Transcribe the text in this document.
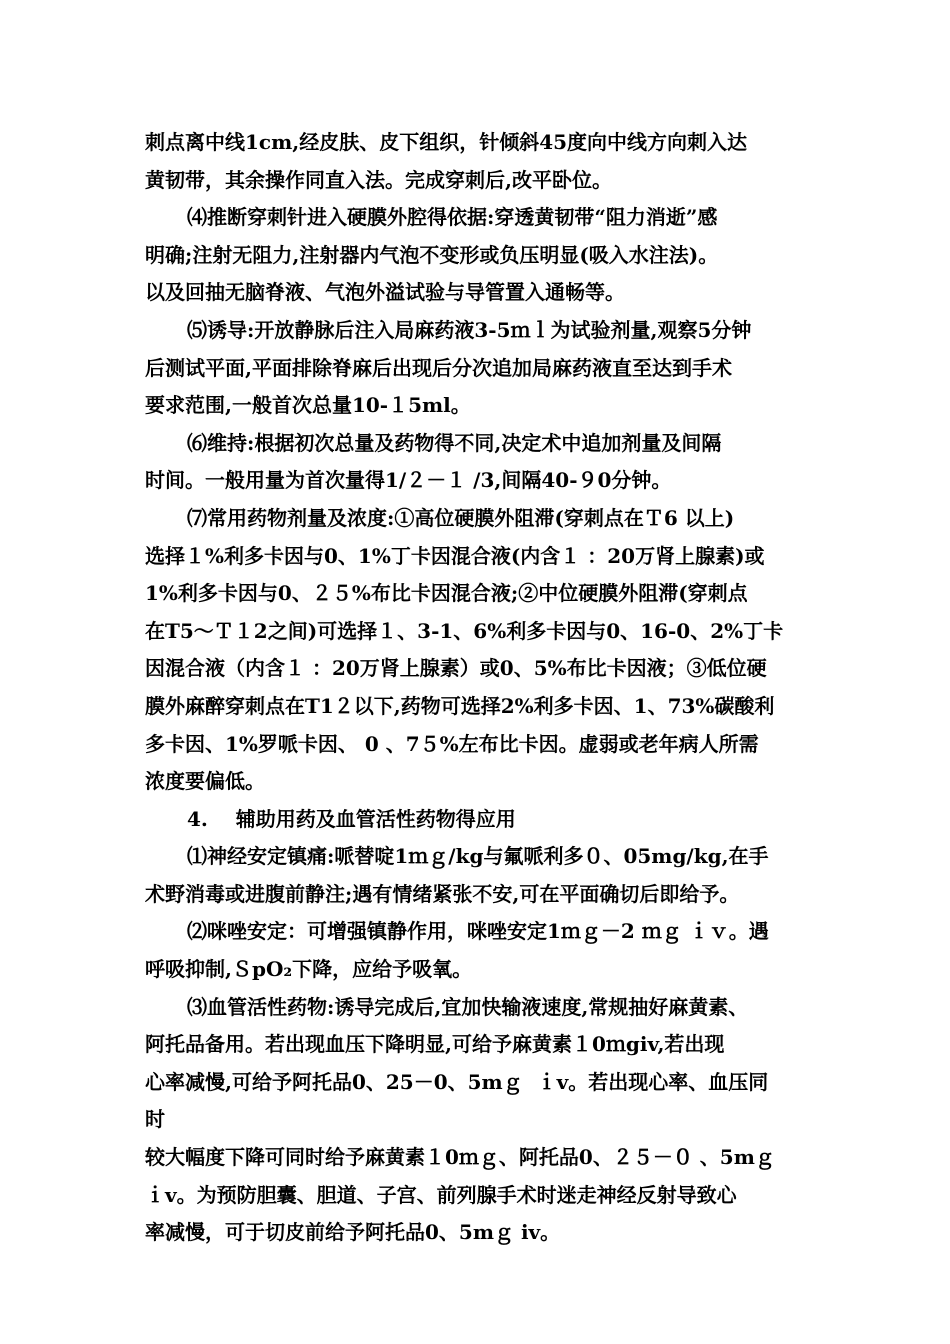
刺点离中线1cm,经皮肤、皮下组织，针倾斜45度向中线方向刺入达
黄韧带，其余操作同直入法。完成穿刺后,改平卧位。
⑷推断穿刺针进入硬膜外腔得依据:穿透黄韧带“阻力消逝”感
明确;注射无阻力,注射器内气泡不变形或负压明显(吸入水注法)。
以及回抽无脑脊液、气泡外溢试验与导管置入通畅等。
⑸诱导:开放静脉后注入局麻药液3-5ｍｌ为试验剂量,观察5分钟
后测试平面,平面排除脊麻后出现后分次追加局麻药液直至达到手术
要求范围,一般首次总量10-１5ml。
⑹维持:根据初次总量及药物得不同,决定术中追加剂量及间隔
时间。一般用量为首次量得1/２－１ /3,间隔40-９0分钟。
⑺常用药物剂量及浓度:①高位硬膜外阻滞(穿刺点在Ｔ6 以上)
选择１%利多卡因与0、1%丁卡因混合液(内含１ ：20万肾上腺素)或
1%利多卡因与0、２５%布比卡因混合液;②中位硬膜外阻滞(穿刺点
在T5～Ｔ１2之间)可选择１、3-1、6%利多卡因与0、16-0、2%丁卡
因混合液（内含１ ：20万肾上腺素）或0、5%布比卡因液；③低位硬
膜外麻醉穿刺点在T1２以下,药物可选择2%利多卡因、1、73%碳酸利
多卡因、1%罗哌卡因、 0 、7５%左布比卡因。虚弱或老年病人所需
浓度要偏低。
4.    辅助用药及血管活性药物得应用
⑴神经安定镇痛:哌替啶1ｍｇ/kg与氟哌利多０、05mg/kg,在手
术野消毒或进腹前静注;遇有情绪紧张不安,可在平面确切后即给予。
⑵咪唑安定：可增强镇静作用，咪唑安定1ｍｇ－2 ｍｇ ｉｖ。遇
呼吸抑制,ＳpO₂下降，应给予吸氧。
⑶血管活性药物:诱导完成后,宜加快输液速度,常规抽好麻黄素、
阿托品备用。若出现血压下降明显,可给予麻黄素１0ｍgiv,若出现
心率减慢,可给予阿托品0、25－0、5mｇ  ｉv。若出现心率、血压同
时
较大幅度下降可同时给予麻黄素１0ｍｇ、阿托品0、２５－０ 、5mｇ
ｉv。为预防胆囊、胆道、子宫、前列腺手术时迷走神经反射导致心
率减慢，可于切皮前给予阿托品0、5mｇ iv。
